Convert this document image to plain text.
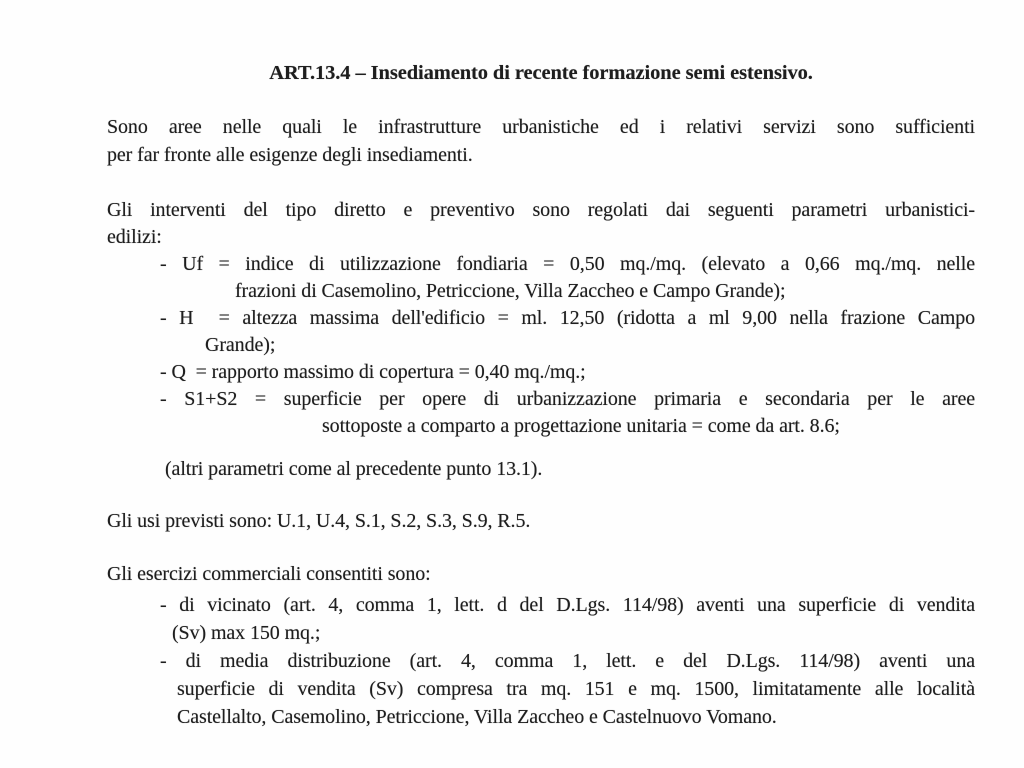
ART.13.4 – Insediamento di recente formazione semi estensivo.
Sono aree nelle quali le infrastrutture urbanistiche ed i relativi servizi sono sufficienti
per far fronte alle esigenze degli insediamenti.
Gli interventi del tipo diretto e preventivo sono regolati dai seguenti parametri urbanistici-
edilizi:
- Uf = indice di utilizzazione fondiaria = 0,50 mq./mq. (elevato a 0,66 mq./mq. nelle
frazioni di Casemolino, Petriccione, Villa Zaccheo e Campo Grande);
- H  = altezza massima dell'edificio = ml. 12,50 (ridotta a ml 9,00 nella frazione Campo
Grande);
- Q  = rapporto massimo di copertura = 0,40 mq./mq.;
- S1+S2 = superficie per opere di urbanizzazione primaria e secondaria per le aree
sottoposte a comparto a progettazione unitaria = come da art. 8.6;
(altri parametri come al precedente punto 13.1).
Gli usi previsti sono: U.1, U.4, S.1, S.2, S.3, S.9, R.5.
Gli esercizi commerciali consentiti sono:
- di vicinato (art. 4, comma 1, lett. d del D.Lgs. 114/98) aventi una superficie di vendita
(Sv) max 150 mq.;
- di media distribuzione (art. 4, comma 1, lett. e del D.Lgs. 114/98) aventi una
superficie di vendita (Sv) compresa tra mq. 151 e mq. 1500, limitatamente alle località
Castellalto, Casemolino, Petriccione, Villa Zaccheo e Castelnuovo Vomano.
